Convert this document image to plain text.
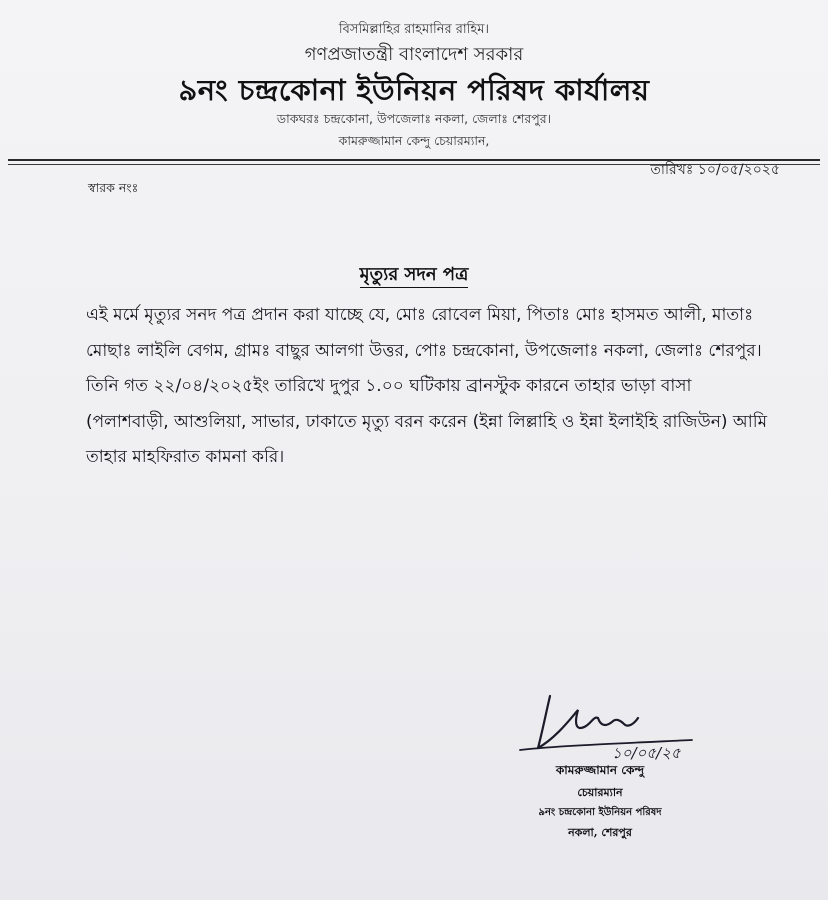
বিসমিল্লাহির রাহমানির রাহিম।
গণপ্রজাতন্ত্রী বাংলাদেশ সরকার
৯নং চন্দ্রকোনা ইউনিয়ন পরিষদ কার্যালয়
ডাকঘরঃ চন্দ্রকোনা, উপজেলাঃ নকলা, জেলাঃ শেরপুর।
কামরুজ্জামান কেন্দু চেয়ারম্যান,
তারিখঃ ১০/০৫/২০২৫
স্বারক নংঃ
মৃত্যুর সদন পত্র
এই মর্মে মৃত্যুর সনদ পত্র প্রদান করা যাচ্ছে যে, মোঃ রোবেল মিয়া, পিতাঃ মোঃ হাসমত আলী, মাতাঃ মোছাঃ লাইলি বেগম, গ্রামঃ বাছুর আলগা উত্তর, পোঃ চন্দ্রকোনা, উপজেলাঃ নকলা, জেলাঃ শেরপুর। তিনি গত ২২/০৪/২০২৫ইং তারিখে দুপুর ১.০০ ঘটিকায় ব্রানস্টুক কারনে তাহার ভাড়া বাসা (পলাশবাড়ী, আশুলিয়া, সাভার, ঢাকাতে মৃত্যু বরন করেন (ইন্না লিল্লাহি ও ইন্না ইলাইহি রাজিউন) আমি তাহার মাহফিরাত কামনা করি।
১০/০৫/২৫
কামরুজ্জামান কেন্দু
চেয়ারম্যান
৯নং চন্দ্রকোনা ইউনিয়ন পরিষদ
নকলা, শেরপুর
